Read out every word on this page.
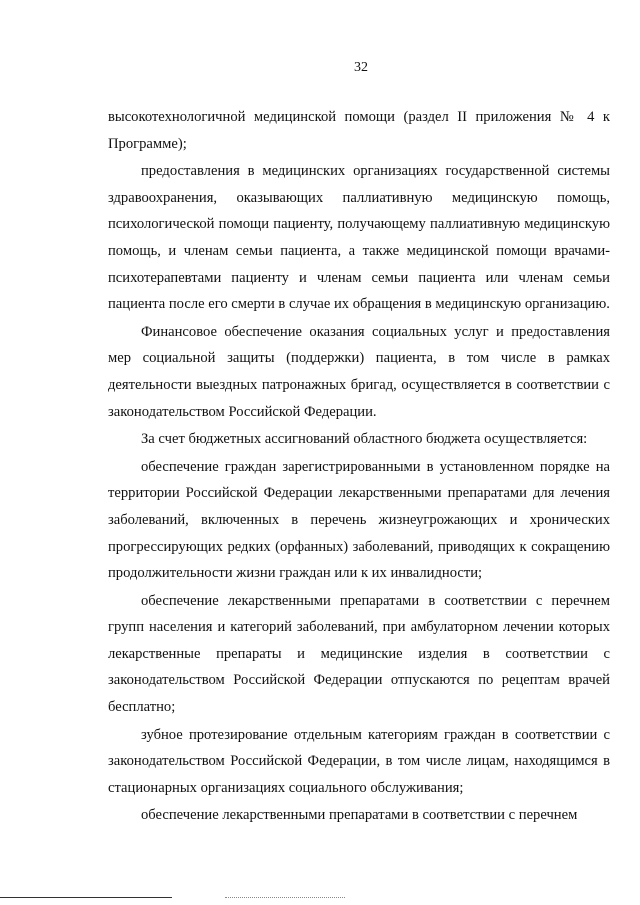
32

высокотехнологичной медицинской помощи (раздел II приложения № 4 к Программе);

предоставления в медицинских организациях государственной системы здравоохранения, оказывающих паллиативную медицинскую помощь, психологической помощи пациенту, получающему паллиативную медицинскую помощь, и членам семьи пациента, а также медицинской помощи врачами-психотерапевтами пациенту и членам семьи пациента или членам семьи пациента после его смерти в случае их обращения в медицинскую организацию.

Финансовое обеспечение оказания социальных услуг и предоставления мер социальной защиты (поддержки) пациента, в том числе в рамках деятельности выездных патронажных бригад, осуществляется в соответствии с законодательством Российской Федерации.

За счет бюджетных ассигнований областного бюджета осуществляется:

обеспечение граждан зарегистрированными в установленном порядке на территории Российской Федерации лекарственными препаратами для лечения заболеваний, включенных в перечень жизнеугрожающих и хронических прогрессирующих редких (орфанных) заболеваний, приводящих к сокращению продолжительности жизни граждан или к их инвалидности;

обеспечение лекарственными препаратами в соответствии с перечнем групп населения и категорий заболеваний, при амбулаторном лечении которых лекарственные препараты и медицинские изделия в соответствии с законодательством Российской Федерации отпускаются по рецептам врачей бесплатно;

зубное протезирование отдельным категориям граждан в соответствии с законодательством Российской Федерации, в том числе лицам, находящимся в стационарных организациях социального обслуживания;

обеспечение лекарственными препаратами в соответствии с перечнем
